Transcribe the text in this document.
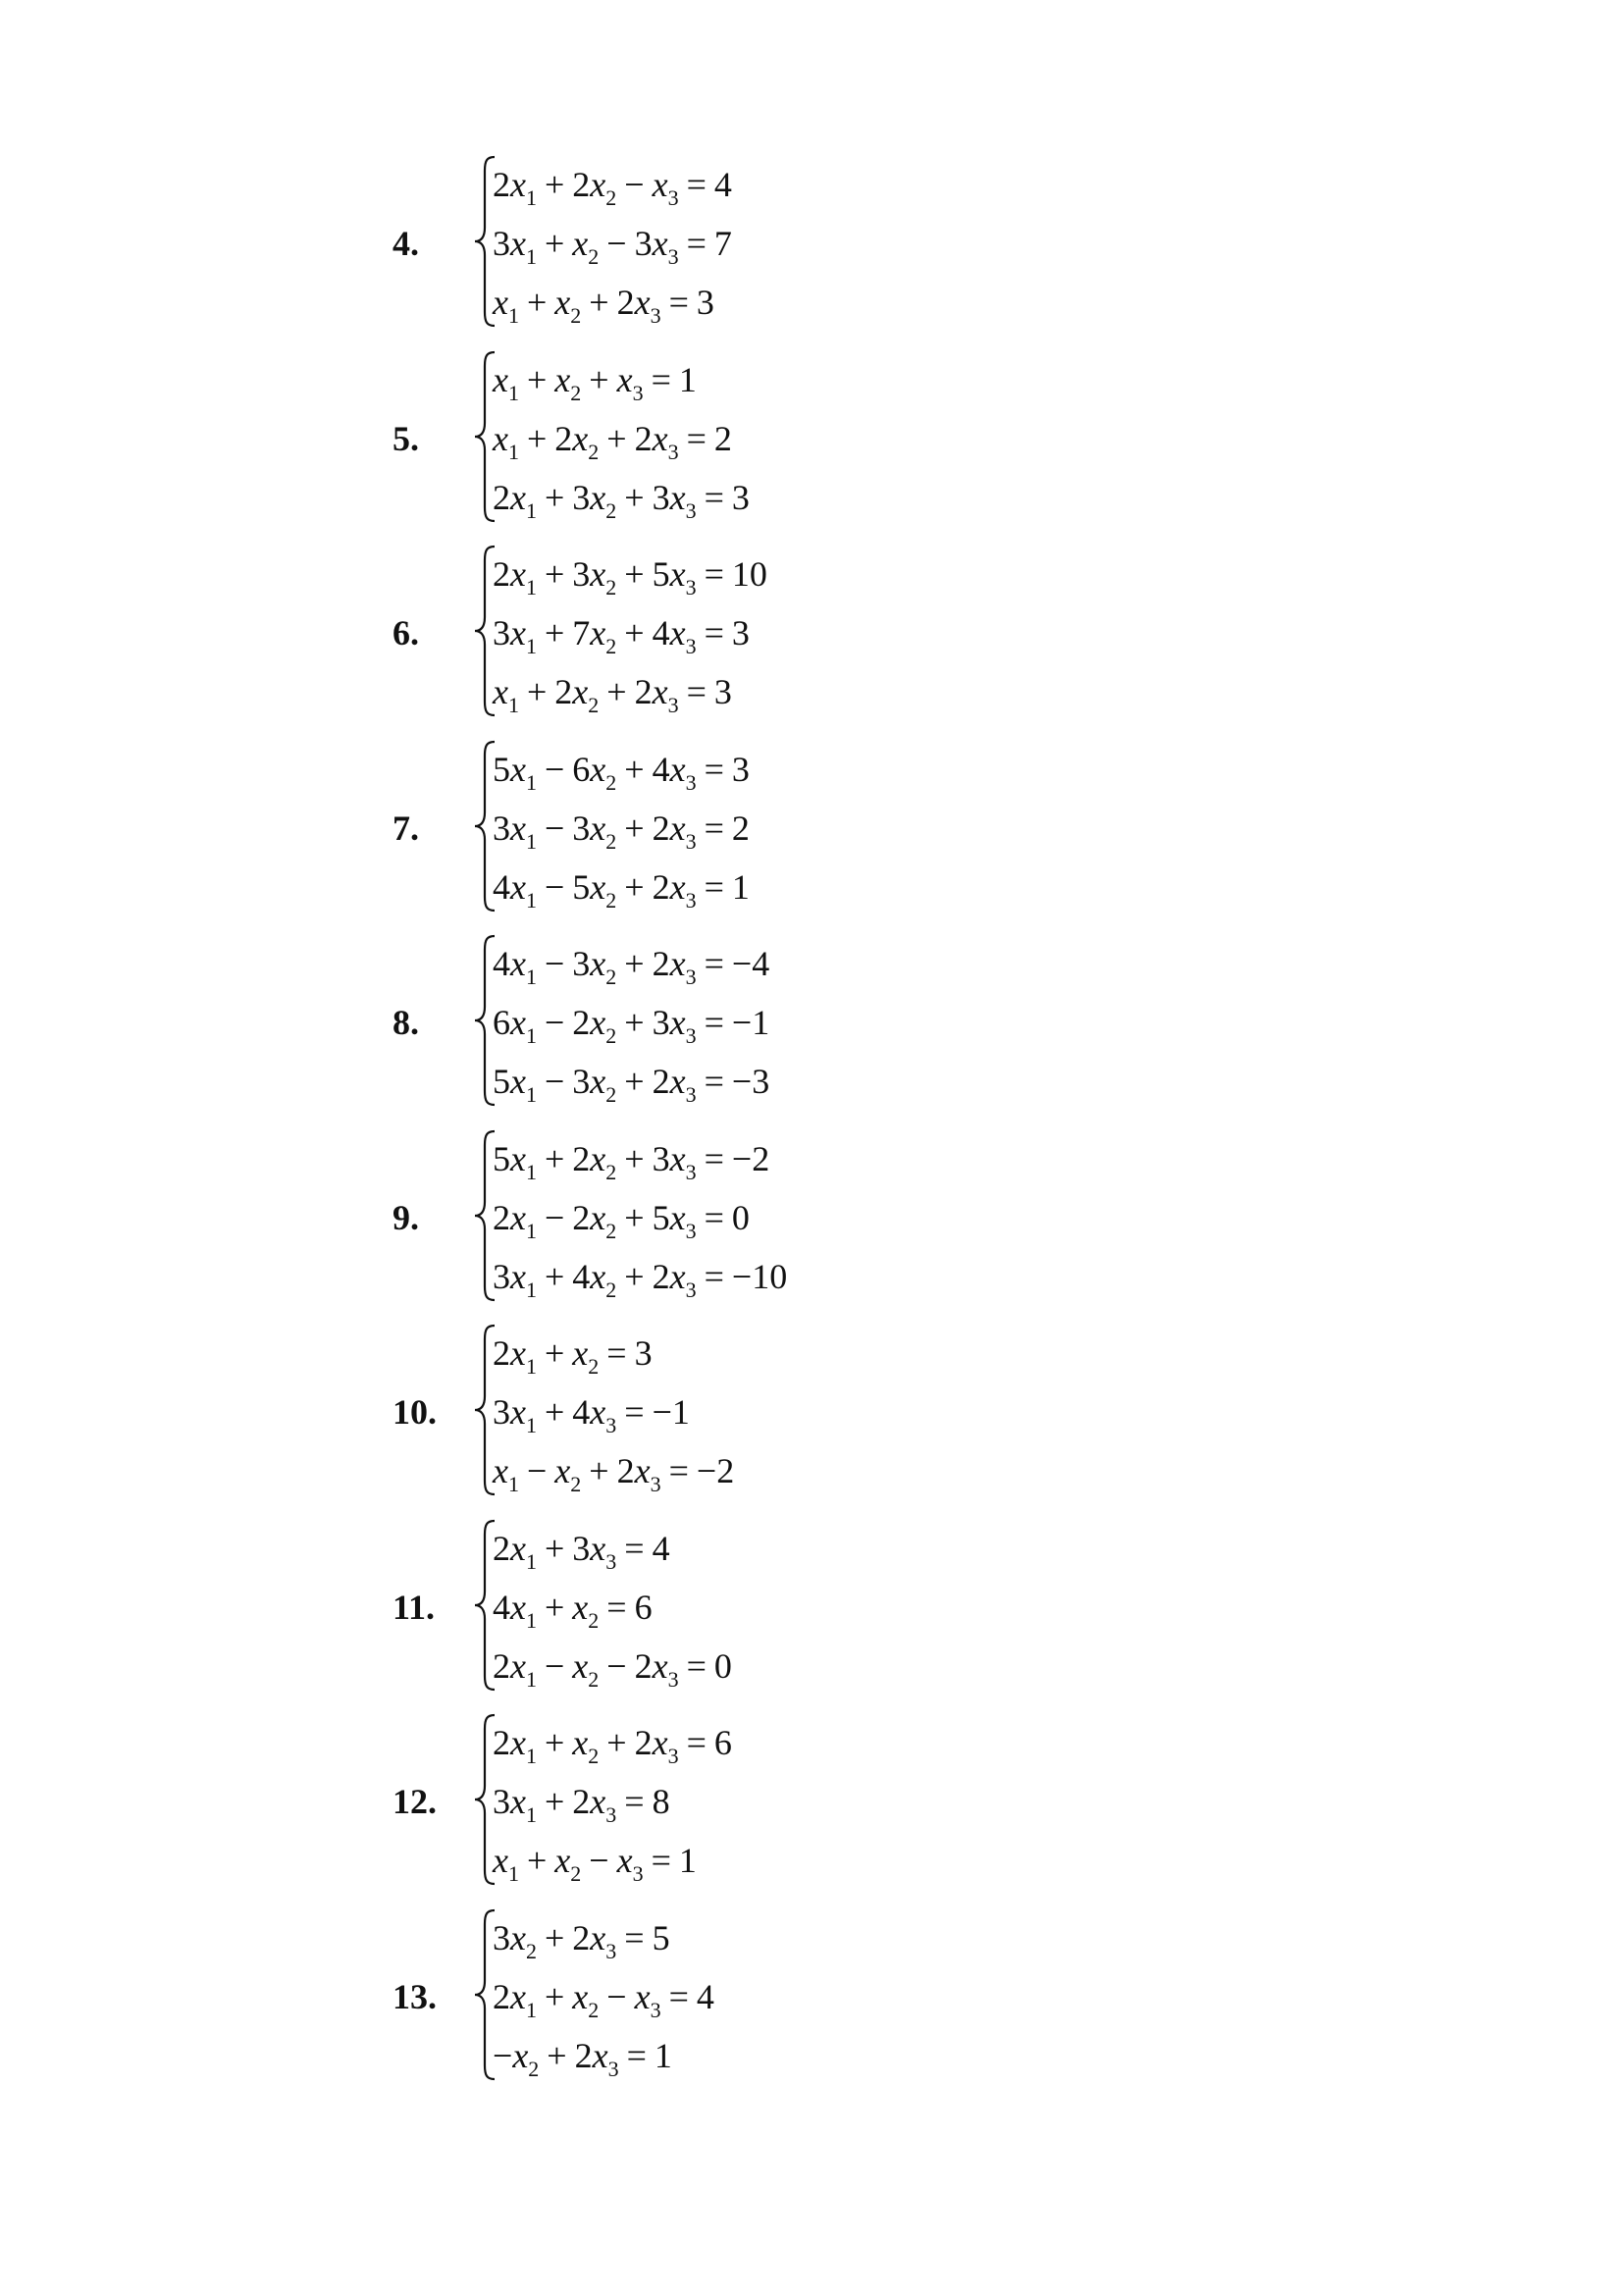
4.
$2x_1 + 2x_2 - x_3 = 4$
$3x_1 + x_2 - 3x_3 = 7$
$x_1 + x_2 + 2x_3 = 3$
5.
$x_1 + x_2 + x_3 = 1$
$x_1 + 2x_2 + 2x_3 = 2$
$2x_1 + 3x_2 + 3x_3 = 3$
6.
$2x_1 + 3x_2 + 5x_3 = 10$
$3x_1 + 7x_2 + 4x_3 = 3$
$x_1 + 2x_2 + 2x_3 = 3$
7.
$5x_1 - 6x_2 + 4x_3 = 3$
$3x_1 - 3x_2 + 2x_3 = 2$
$4x_1 - 5x_2 + 2x_3 = 1$
8.
$4x_1 - 3x_2 + 2x_3 = -4$
$6x_1 - 2x_2 + 3x_3 = -1$
$5x_1 - 3x_2 + 2x_3 = -3$
9.
$5x_1 + 2x_2 + 3x_3 = -2$
$2x_1 - 2x_2 + 5x_3 = 0$
$3x_1 + 4x_2 + 2x_3 = -10$
10.
$2x_1 + x_2 = 3$
$3x_1 + 4x_3 = -1$
$x_1 - x_2 + 2x_3 = -2$
11.
$2x_1 + 3x_3 = 4$
$4x_1 + x_2 = 6$
$2x_1 - x_2 - 2x_3 = 0$
12.
$2x_1 + x_2 + 2x_3 = 6$
$3x_1 + 2x_3 = 8$
$x_1 + x_2 - x_3 = 1$
13.
$3x_2 + 2x_3 = 5$
$2x_1 + x_2 - x_3 = 4$
$-x_2 + 2x_3 = 1$
